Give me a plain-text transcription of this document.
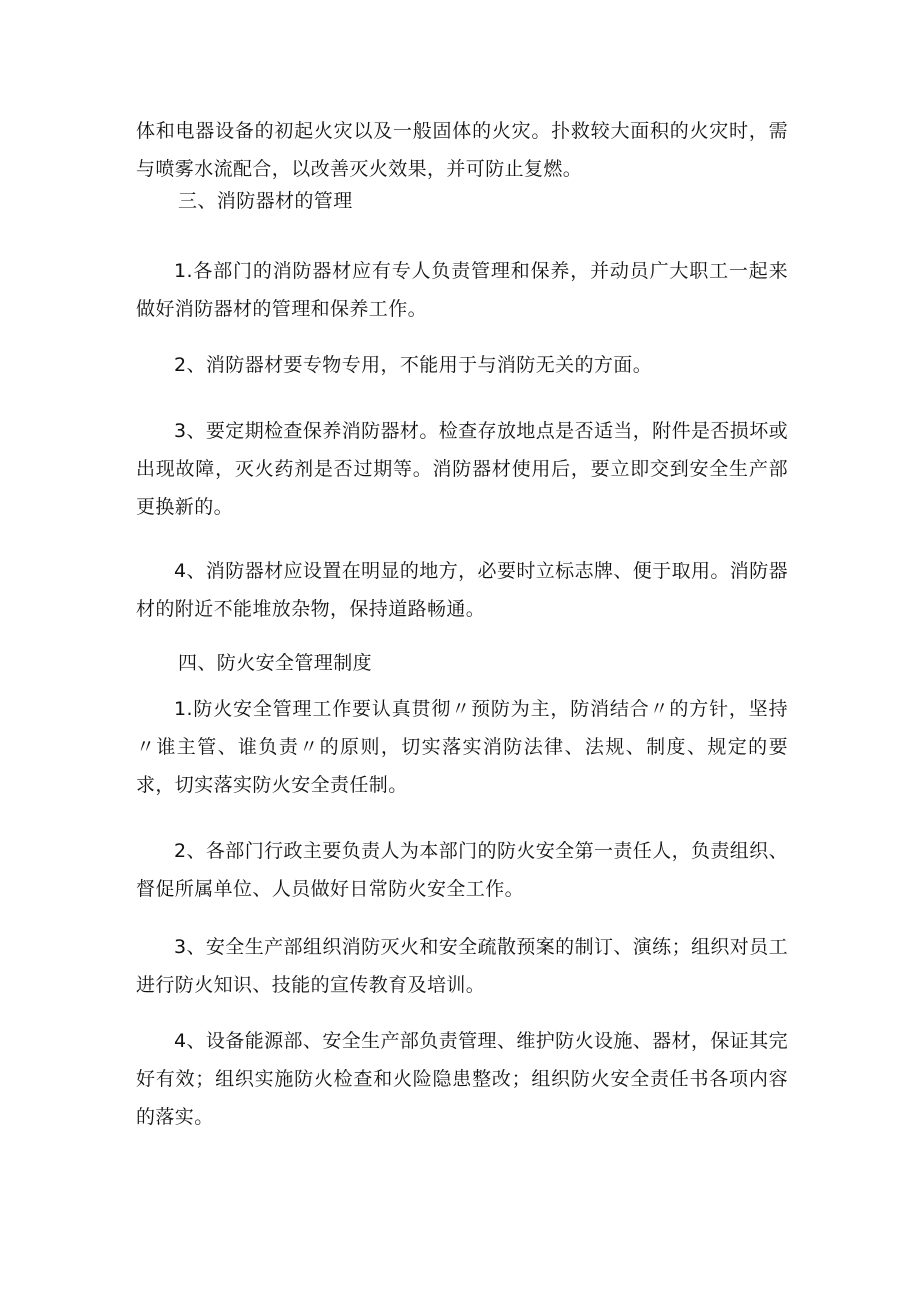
体和电器设备的初起火灾以及一般固体的火灾。扑救较大面积的火灾时，需与喷雾水流配合，以改善灭火效果，并可防止复燃。

三、消防器材的管理

1.各部门的消防器材应有专人负责管理和保养，并动员广大职工一起来做好消防器材的管理和保养工作。

2、消防器材要专物专用，不能用于与消防无关的方面。

3、要定期检查保养消防器材。检查存放地点是否适当，附件是否损坏或出现故障，灭火药剂是否过期等。消防器材使用后，要立即交到安全生产部更换新的。

4、消防器材应设置在明显的地方，必要时立标志牌、便于取用。消防器材的附近不能堆放杂物，保持道路畅通。

四、防火安全管理制度

1.防火安全管理工作要认真贯彻〃预防为主，防消结合〃的方针，坚持〃谁主管、谁负责〃的原则，切实落实消防法律、法规、制度、规定的要求，切实落实防火安全责任制。

2、各部门行政主要负责人为本部门的防火安全第一责任人，负责组织、督促所属单位、人员做好日常防火安全工作。

3、安全生产部组织消防灭火和安全疏散预案的制订、演练；组织对员工进行防火知识、技能的宣传教育及培训。

4、设备能源部、安全生产部负责管理、维护防火设施、器材，保证其完好有效；组织实施防火检查和火险隐患整改；组织防火安全责任书各项内容的落实。
